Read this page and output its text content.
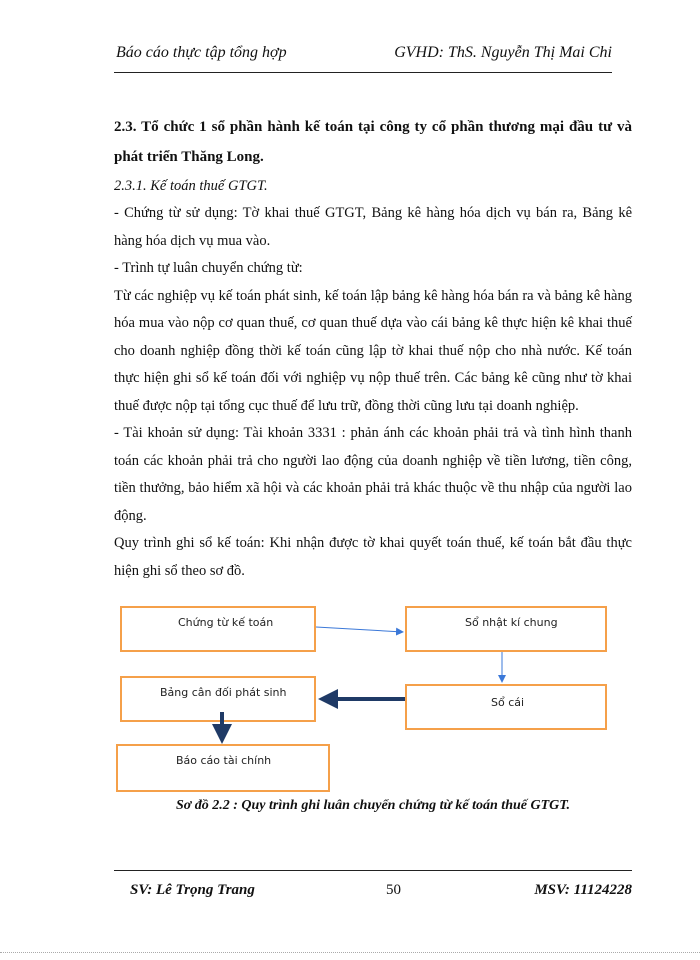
Báo cáo thực tập tổng hợp	GVHD: ThS. Nguyễn Thị Mai Chi

2.3. Tổ chức 1 sổ phần hành kế toán tại công ty cổ phần thương mại đầu tư và phát triển Thăng Long.

2.3.1. Kế toán thuế GTGT.

- Chứng từ sử dụng: Tờ khai thuế GTGT, Bảng kê hàng hóa dịch vụ bán ra, Bảng kê hàng hóa dịch vụ mua vào.

- Trình tự luân chuyển chứng từ:

Từ các nghiệp vụ kế toán phát sinh, kế toán lập bảng kê hàng hóa bán ra và bảng kê hàng hóa mua vào nộp cơ quan thuế, cơ quan thuế dựa vào cái bảng kê thực hiện kê khai thuế cho doanh nghiệp đồng thời kế toán cũng lập tờ khai thuế nộp cho nhà nước. Kế toán thực hiện ghi sổ kế toán đối với nghiệp vụ nộp thuế trên. Các bảng kê cũng như tờ khai thuế được nộp tại tổng cục thuế để lưu trữ, đồng thời cũng lưu tại doanh nghiệp.

- Tài khoản sử dụng: Tài khoản 3331 : phản ánh các khoản phải trả và tình hình thanh toán các khoản phải trả cho người lao động của doanh nghiệp về tiền lương, tiền công, tiền thưởng, bảo hiểm xã hội và các khoản phải trả khác thuộc về thu nhập của người lao động.

Quy trình ghi sổ kế toán: Khi nhận được tờ khai quyết toán thuế, kế toán bắt đầu thực hiện ghi sổ theo sơ đồ.

Chứng từ kế toán	Sổ nhật kí chung
Sổ cái
Bảng cân đối phát sinh
Báo cáo tài chính
Sơ đồ 2.2 : Quy trình ghi luân chuyển chứng từ kế toán thuế GTGT.
SV: Lê Trọng Trang	50	MSV: 11124228
